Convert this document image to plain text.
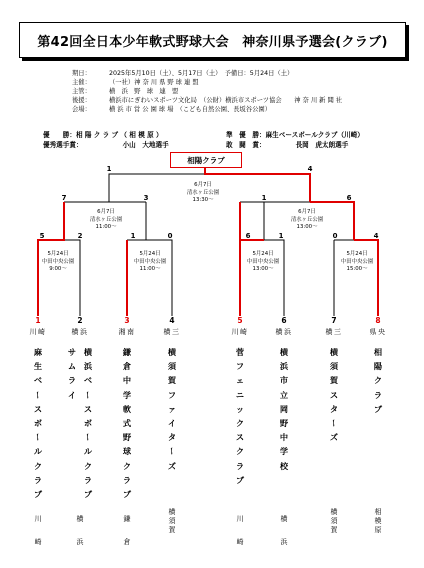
第42回全日本少年軟式野球大会　神奈川県予選会(クラブ)
期日：	2025年5月10日（土）、5月17日（土）　予備日：5月24日（土）
主催：	（一社）神 奈 川 県 野 球 連 盟
主管：	横　浜　野　球　連　盟
後援：	横浜市にぎわいスポーツ文化局　（公財）横浜市スポーツ協会　　神 奈 川 新 聞 社
会場：	横 浜 市 営 公 園 球 場　（こども自然公園、長坂谷公園）
優　　勝：相 陽 ク ラ ブ （ 相 模 原 ）	準　優　勝：麻生ベースボールクラブ（川崎）
優秀選手賞：	小山　大地選手	敢　闘　賞：	長岡　虎太朗選手
相陽クラブ
1	4
7	3	1	6
5	2	1	0	6	1	0	4
6月7日
清水ヶ丘公園
13:30～
6月7日
清水ヶ丘公園
11:00～
6月7日
清水ヶ丘公園
13:00～
5月24日
中田中央公園
9:00～
5月24日
中田中央公園
11:00～
5月24日
中田中央公園
13:00～
5月24日
中田中央公園
15:00～
1	2	3	4	5	6	7	8
川崎	横浜	湘南	横三	川崎	横浜	横三	県央
麻
生
ベ
ー
ス
ボ
ー
ル
ク
ラ
ブ
サ
ム
ラ
イ
横
浜
ベ
ー
ス
ボ
ー
ル
ク
ラ
ブ
鎌
倉
中
学
軟
式
野
球
ク
ラ
ブ
横
須
賀
フ
ァ
イ
タ
ー
ズ
菅
フ
ェ
ニ
ッ
ク
ス
ク
ラ
ブ
横
浜
市
立
岡
野
中
学
校
横
須
賀
ス
タ
ー
ズ
相
陽
ク
ラ
ブ
川
崎
横
浜
鎌
倉
横
須
賀
川
崎
横
浜
横
須
賀
相
模
原
